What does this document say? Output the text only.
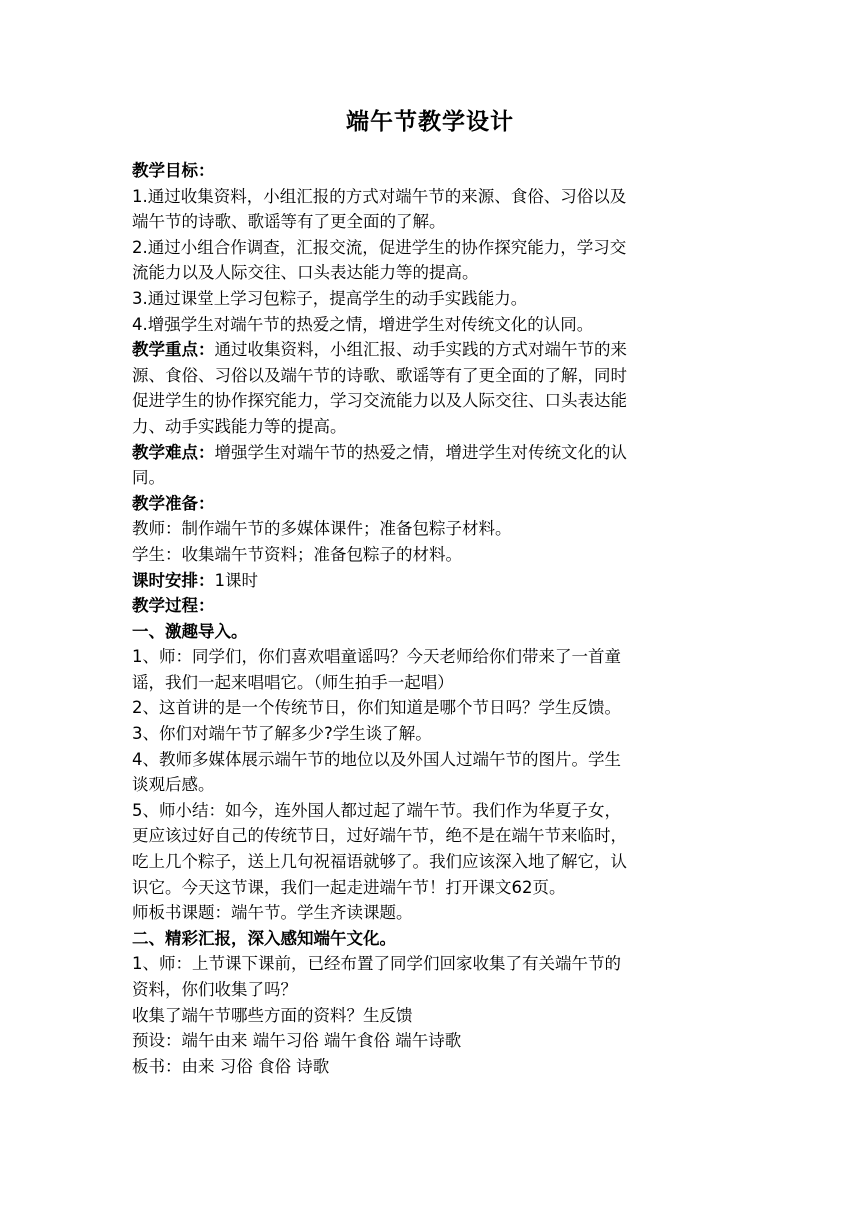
端午节教学设计
教学目标：
1.通过收集资料，小组汇报的方式对端午节的来源、食俗、习俗以及
端午节的诗歌、歌谣等有了更全面的了解。
2.通过小组合作调查，汇报交流，促进学生的协作探究能力，学习交
流能力以及人际交往、口头表达能力等的提高。
3.通过课堂上学习包粽子，提高学生的动手实践能力。
4.增强学生对端午节的热爱之情，增进学生对传统文化的认同。
教学重点：通过收集资料，小组汇报、动手实践的方式对端午节的来
源、食俗、习俗以及端午节的诗歌、歌谣等有了更全面的了解，同时
促进学生的协作探究能力，学习交流能力以及人际交往、口头表达能
力、动手实践能力等的提高。
教学难点：增强学生对端午节的热爱之情，增进学生对传统文化的认
同。
教学准备：
教师：制作端午节的多媒体课件；准备包粽子材料。
学生：收集端午节资料；准备包粽子的材料。
课时安排：1课时
教学过程：
一、激趣导入。
1、师：同学们，你们喜欢唱童谣吗？今天老师给你们带来了一首童
谣，我们一起来唱唱它。（师生拍手一起唱）
2、这首讲的是一个传统节日，你们知道是哪个节日吗？学生反馈。
3、你们对端午节了解多少?学生谈了解。
4、教师多媒体展示端午节的地位以及外国人过端午节的图片。学生
谈观后感。
5、师小结：如今，连外国人都过起了端午节。我们作为华夏子女，
更应该过好自己的传统节日，过好端午节，绝不是在端午节来临时，
吃上几个粽子，送上几句祝福语就够了。我们应该深入地了解它，认
识它。今天这节课，我们一起走进端午节！打开课文62页。
师板书课题：端午节。学生齐读课题。
二、精彩汇报，深入感知端午文化。
1、师：上节课下课前，已经布置了同学们回家收集了有关端午节的
资料，你们收集了吗？
收集了端午节哪些方面的资料？生反馈
预设：端午由来 端午习俗 端午食俗 端午诗歌
板书：由来 习俗 食俗 诗歌
